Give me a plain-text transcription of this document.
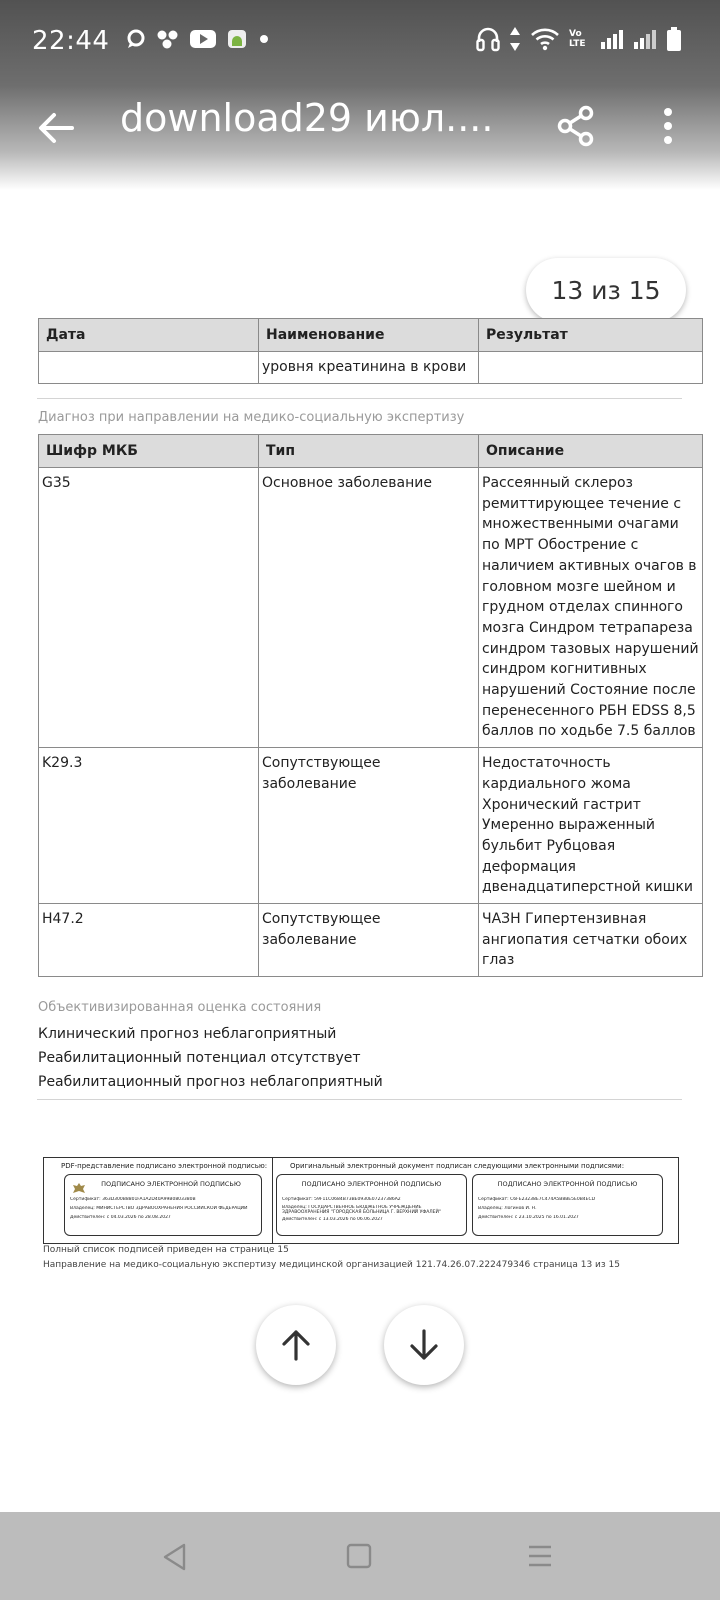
22:44	Vo LTE
download29 июл....
13 из 15
Дата	Наименование	Результат
	уровня креатинина в крови	
Диагноз при направлении на медико-социальную экспертизу
Шифр МКБ	Тип	Описание
G35	Основное заболевание	Рассеянный склероз ремиттирующее течение с множественными очагами по МРТ Обострение с наличием активных очагов в головном мозге шейном и грудном отделах спинного мозга Синдром тетрапареза синдром тазовых нарушений синдром когнитивных нарушений Состояние после перенесенного РБН EDSS 8,5 баллов по ходьбе 7.5 баллов
K29.3	Сопутствующее заболевание	Недостаточность кардиального жома Хронический гастрит Умеренно выраженный бульбит Рубцовая деформация двенадцатиперстной кишки
H47.2	Сопутствующее заболевание	ЧАЗН Гипертензивная ангиопатия сетчатки обоих глаз
Объективизированная оценка состояния
Клинический прогноз неблагоприятный
Реабилитационный потенциал отсутствует
Реабилитационный прогноз неблагоприятный
PDF-представление подписано электронной подписью:	Оригинальный электронный документ подписан следующими электронными подписями:
ПОДПИСАНО ЭЛЕКТРОННОЙ ПОДПИСЬЮ
Сертификат: 363D300B8801FA1A2D40A99B0803380B
Владелец: МИНИСТЕРСТВО ЗДРАВООХРАНЕНИЯ РОССИЙСКОЙ ФЕДЕРАЦИИ
Действителен: с 04.03.2026 по 28.08.2027
ПОДПИСАНО ЭЛЕКТРОННОЙ ПОДПИСЬЮ
Сертификат: 59F11C0684B73BE0930E07237386A2
Владелец: ГОСУДАРСТВЕННОЕ БЮДЖЕТНОЕ УЧРЕЖДЕНИЕ ЗДРАВООХРАНЕНИЯ "ГОРОДСКАЯ БОЛЬНИЦА Г. ВЕРХНИЙ УФАЛЕЙ"
Действителен: с 13.03.2026 по 06.06.2027
ПОДПИСАНО ЭЛЕКТРОННОЙ ПОДПИСЬЮ
Сертификат: C6FE23238E7C474A5B8BE5E0B4ECD
Владелец: Логинов И. Н.
Действителен: с 23.10.2025 по 16.01.2027
Полный список подписей приведен на странице 15
Направление на медико-социальную экспертизу медицинской организацией 121.74.26.07.222479346 страница 13 из 15
